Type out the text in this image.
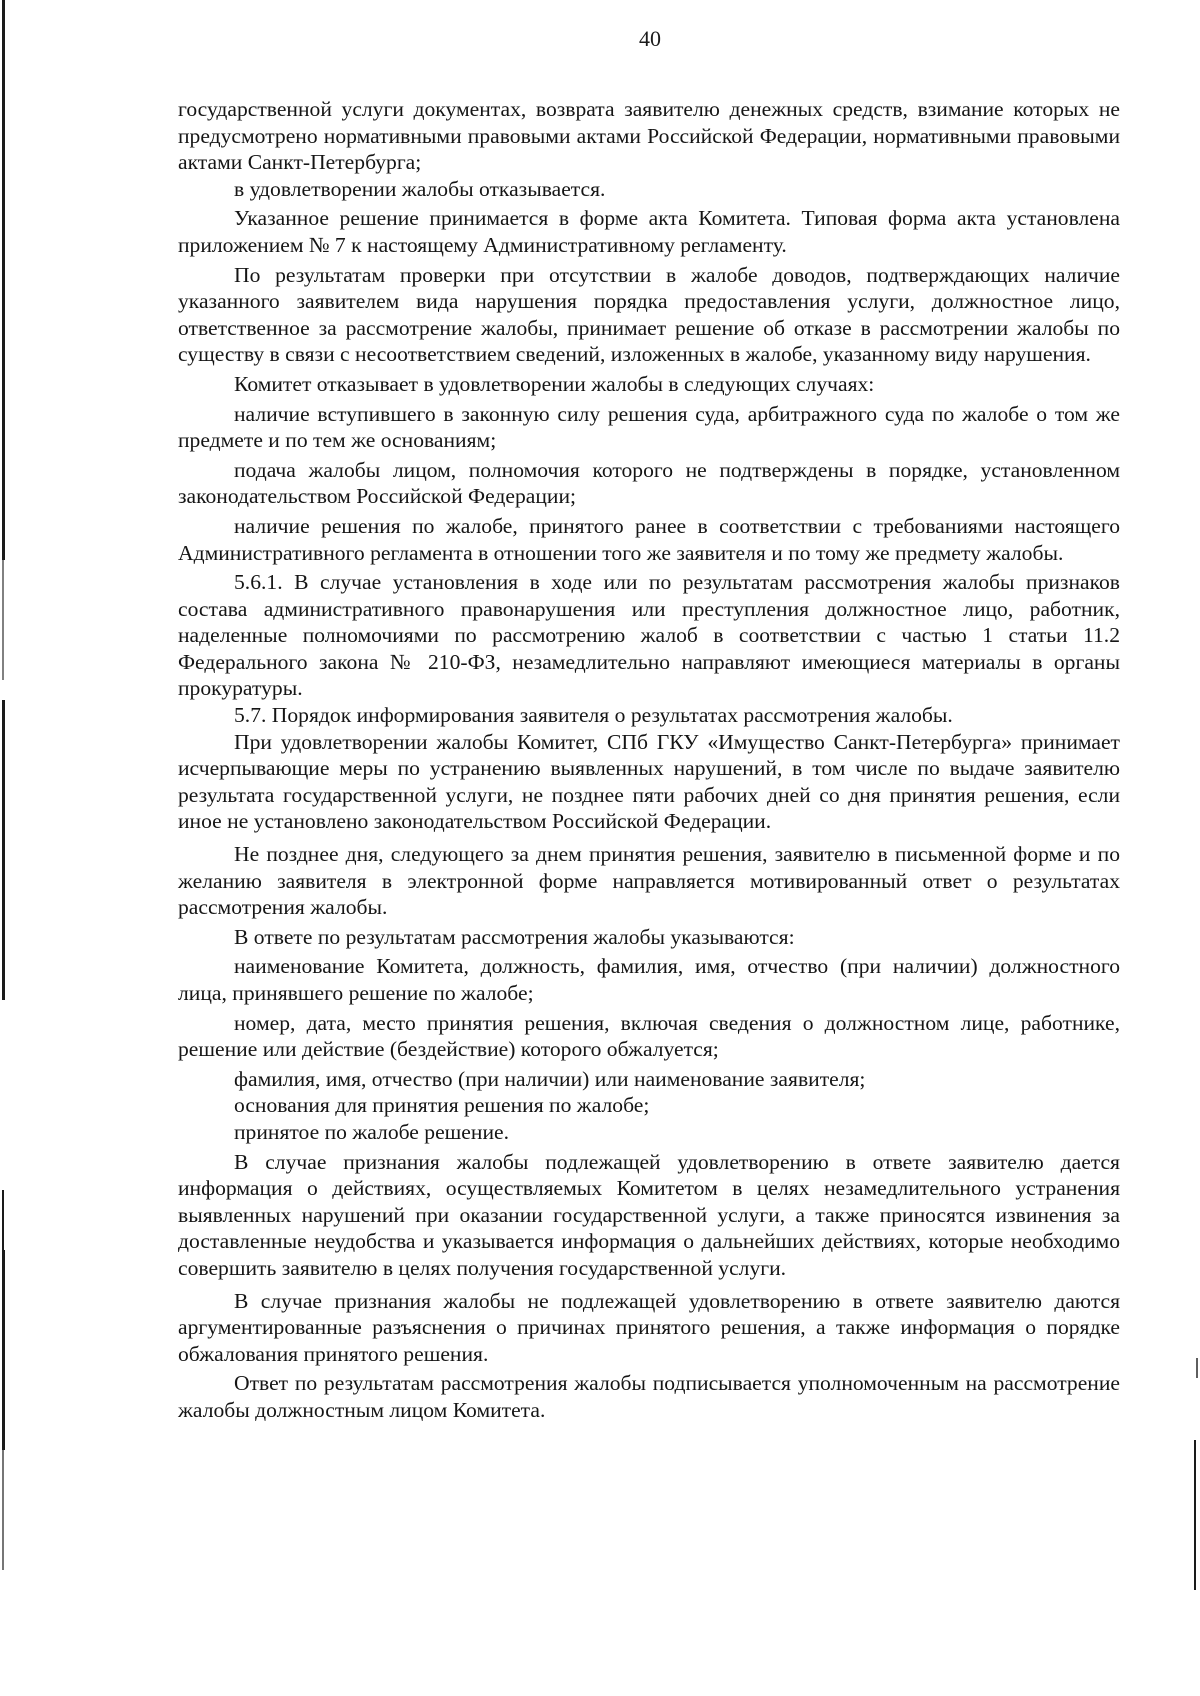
40

государственной услуги документах, возврата заявителю денежных средств, взимание которых не предусмотрено нормативными правовыми актами Российской Федерации, нормативными правовыми актами Санкт-Петербурга;

в удовлетворении жалобы отказывается.

Указанное решение принимается в форме акта Комитета. Типовая форма акта установлена приложением № 7 к настоящему Административному регламенту.

По результатам проверки при отсутствии в жалобе доводов, подтверждающих наличие указанного заявителем вида нарушения порядка предоставления услуги, должностное лицо, ответственное за рассмотрение жалобы, принимает решение об отказе в рассмотрении жалобы по существу в связи с несоответствием сведений, изложенных в жалобе, указанному виду нарушения.

Комитет отказывает в удовлетворении жалобы в следующих случаях:

наличие вступившего в законную силу решения суда, арбитражного суда по жалобе о том же предмете и по тем же основаниям;

подача жалобы лицом, полномочия которого не подтверждены в порядке, установленном законодательством Российской Федерации;

наличие решения по жалобе, принятого ранее в соответствии с требованиями настоящего Административного регламента в отношении того же заявителя и по тому же предмету жалобы.

5.6.1. В случае установления в ходе или по результатам рассмотрения жалобы признаков состава административного правонарушения или преступления должностное лицо, работник, наделенные полномочиями по рассмотрению жалоб в соответствии с частью 1 статьи 11.2 Федерального закона № 210-ФЗ, незамедлительно направляют имеющиеся материалы в органы прокуратуры.

5.7. Порядок информирования заявителя о результатах рассмотрения жалобы.

При удовлетворении жалобы Комитет, СПб ГКУ «Имущество Санкт-Петербурга» принимает исчерпывающие меры по устранению выявленных нарушений, в том числе по выдаче заявителю результата государственной услуги, не позднее пяти рабочих дней со дня принятия решения, если иное не установлено законодательством Российской Федерации.

Не позднее дня, следующего за днем принятия решения, заявителю в письменной форме и по желанию заявителя в электронной форме направляется мотивированный ответ о результатах рассмотрения жалобы.

В ответе по результатам рассмотрения жалобы указываются:

наименование Комитета, должность, фамилия, имя, отчество (при наличии) должностного лица, принявшего решение по жалобе;

номер, дата, место принятия решения, включая сведения о должностном лице, работнике, решение или действие (бездействие) которого обжалуется;

фамилия, имя, отчество (при наличии) или наименование заявителя;

основания для принятия решения по жалобе;

принятое по жалобе решение.

В случае признания жалобы подлежащей удовлетворению в ответе заявителю дается информация о действиях, осуществляемых Комитетом в целях незамедлительного устранения выявленных нарушений при оказании государственной услуги, а также приносятся извинения за доставленные неудобства и указывается информация о дальнейших действиях, которые необходимо совершить заявителю в целях получения государственной услуги.

В случае признания жалобы не подлежащей удовлетворению в ответе заявителю даются аргументированные разъяснения о причинах принятого решения, а также информация о порядке обжалования принятого решения.

Ответ по результатам рассмотрения жалобы подписывается уполномоченным на рассмотрение жалобы должностным лицом Комитета.
